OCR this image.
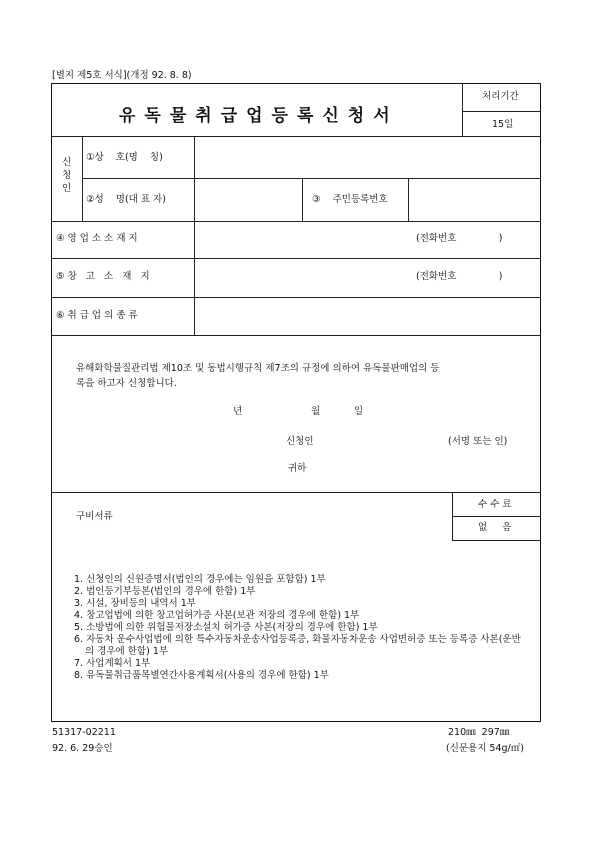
[별지 제5호 서식](개정 92. 8. 8)
유독물취급업등록신청서
처리기간
15일
신
청
인
①상    호(명    칭)
②성    명(대 표 자)	③    주민등록번호
④ 영 업 소 소 재 지	(전화번호              )
⑤ 창   고   소   재   지	(전화번호              )
⑥ 취 급 업 의 종 류
유해화학물질관리법 제10조 및 동법시행규칙 제7조의 규정에 의하여 유독물판매업의 등
록을 하고자 신청합니다.
년	월	일
신청인	(서명 또는 인)
귀하
구비서류
수 수 료
없     음
1. 신청인의 신원증명서(법인의 경우에는 임원을 포함함) 1부
2. 법인등기부등본(법인의 경우에 한함) 1부
3. 시설, 장비등의 내역서 1부
4. 창고업법에 의한 창고업허가증 사본(보관 저장의 경우에 한함) 1부
5. 소방법에 의한 위험물저장소설치 허가증 사본(저장의 경우에 한함) 1부
6. 자동차 운수사업법에 의한 특수자동차운송사업등록증, 화물자동차운송 사업면허증 또는 등록증 사본(운반의 경우에 한함) 1부
7. 사업계획서 1부
8. 유독물취급품목별연간사용계획서(사용의 경우에 한함) 1부
51317-02211
92. 6. 29승인
210㎜  297㎜
(신문용지 54g/㎡)
